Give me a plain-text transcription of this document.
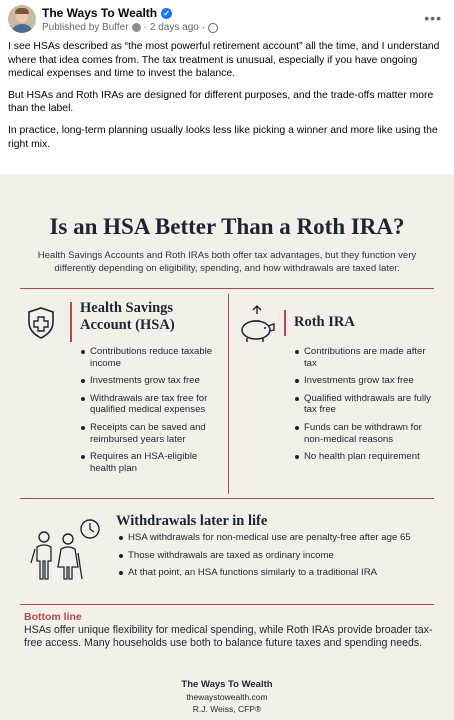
The Ways To Wealth ✓
Published by Buffer · 2 days ago ·
•••

I see HSAs described as “the most powerful retirement account” all the time, and I understand where that idea comes from. The tax treatment is unusual, especially if you have ongoing medical expenses and time to invest the balance.

But HSAs and Roth IRAs are designed for different purposes, and the trade-offs matter more than the label.

In practice, long-term planning usually looks less like picking a winner and more like using the right mix.

Is an HSA Better Than a Roth IRA?
Health Savings Accounts and Roth IRAs both offer tax advantages, but they function very differently depending on eligibility, spending, and how withdrawals are taxed later.
Health Savings
Account (HSA)
Contributions reduce taxable income
Investments grow tax free
Withdrawals are tax free for qualified medical expenses
Receipts can be saved and reimbursed years later
Requires an HSA-eligible health plan
Roth IRA
Contributions are made after tax
Investments grow tax free
Qualified withdrawals are fully tax free
Funds can be withdrawn for non-medical reasons
No health plan requirement
Withdrawals later in life
HSA withdrawals for non-medical use are penalty-free after age 65
Those withdrawals are taxed as ordinary income
At that point, an HSA functions similarly to a traditional IRA
Bottom line
HSAs offer unique flexibility for medical spending, while Roth IRAs provide broader tax-free access. Many households use both to balance future taxes and spending needs.
The Ways To Wealth
thewaystowealth.com
R.J. Weiss, CFP®
